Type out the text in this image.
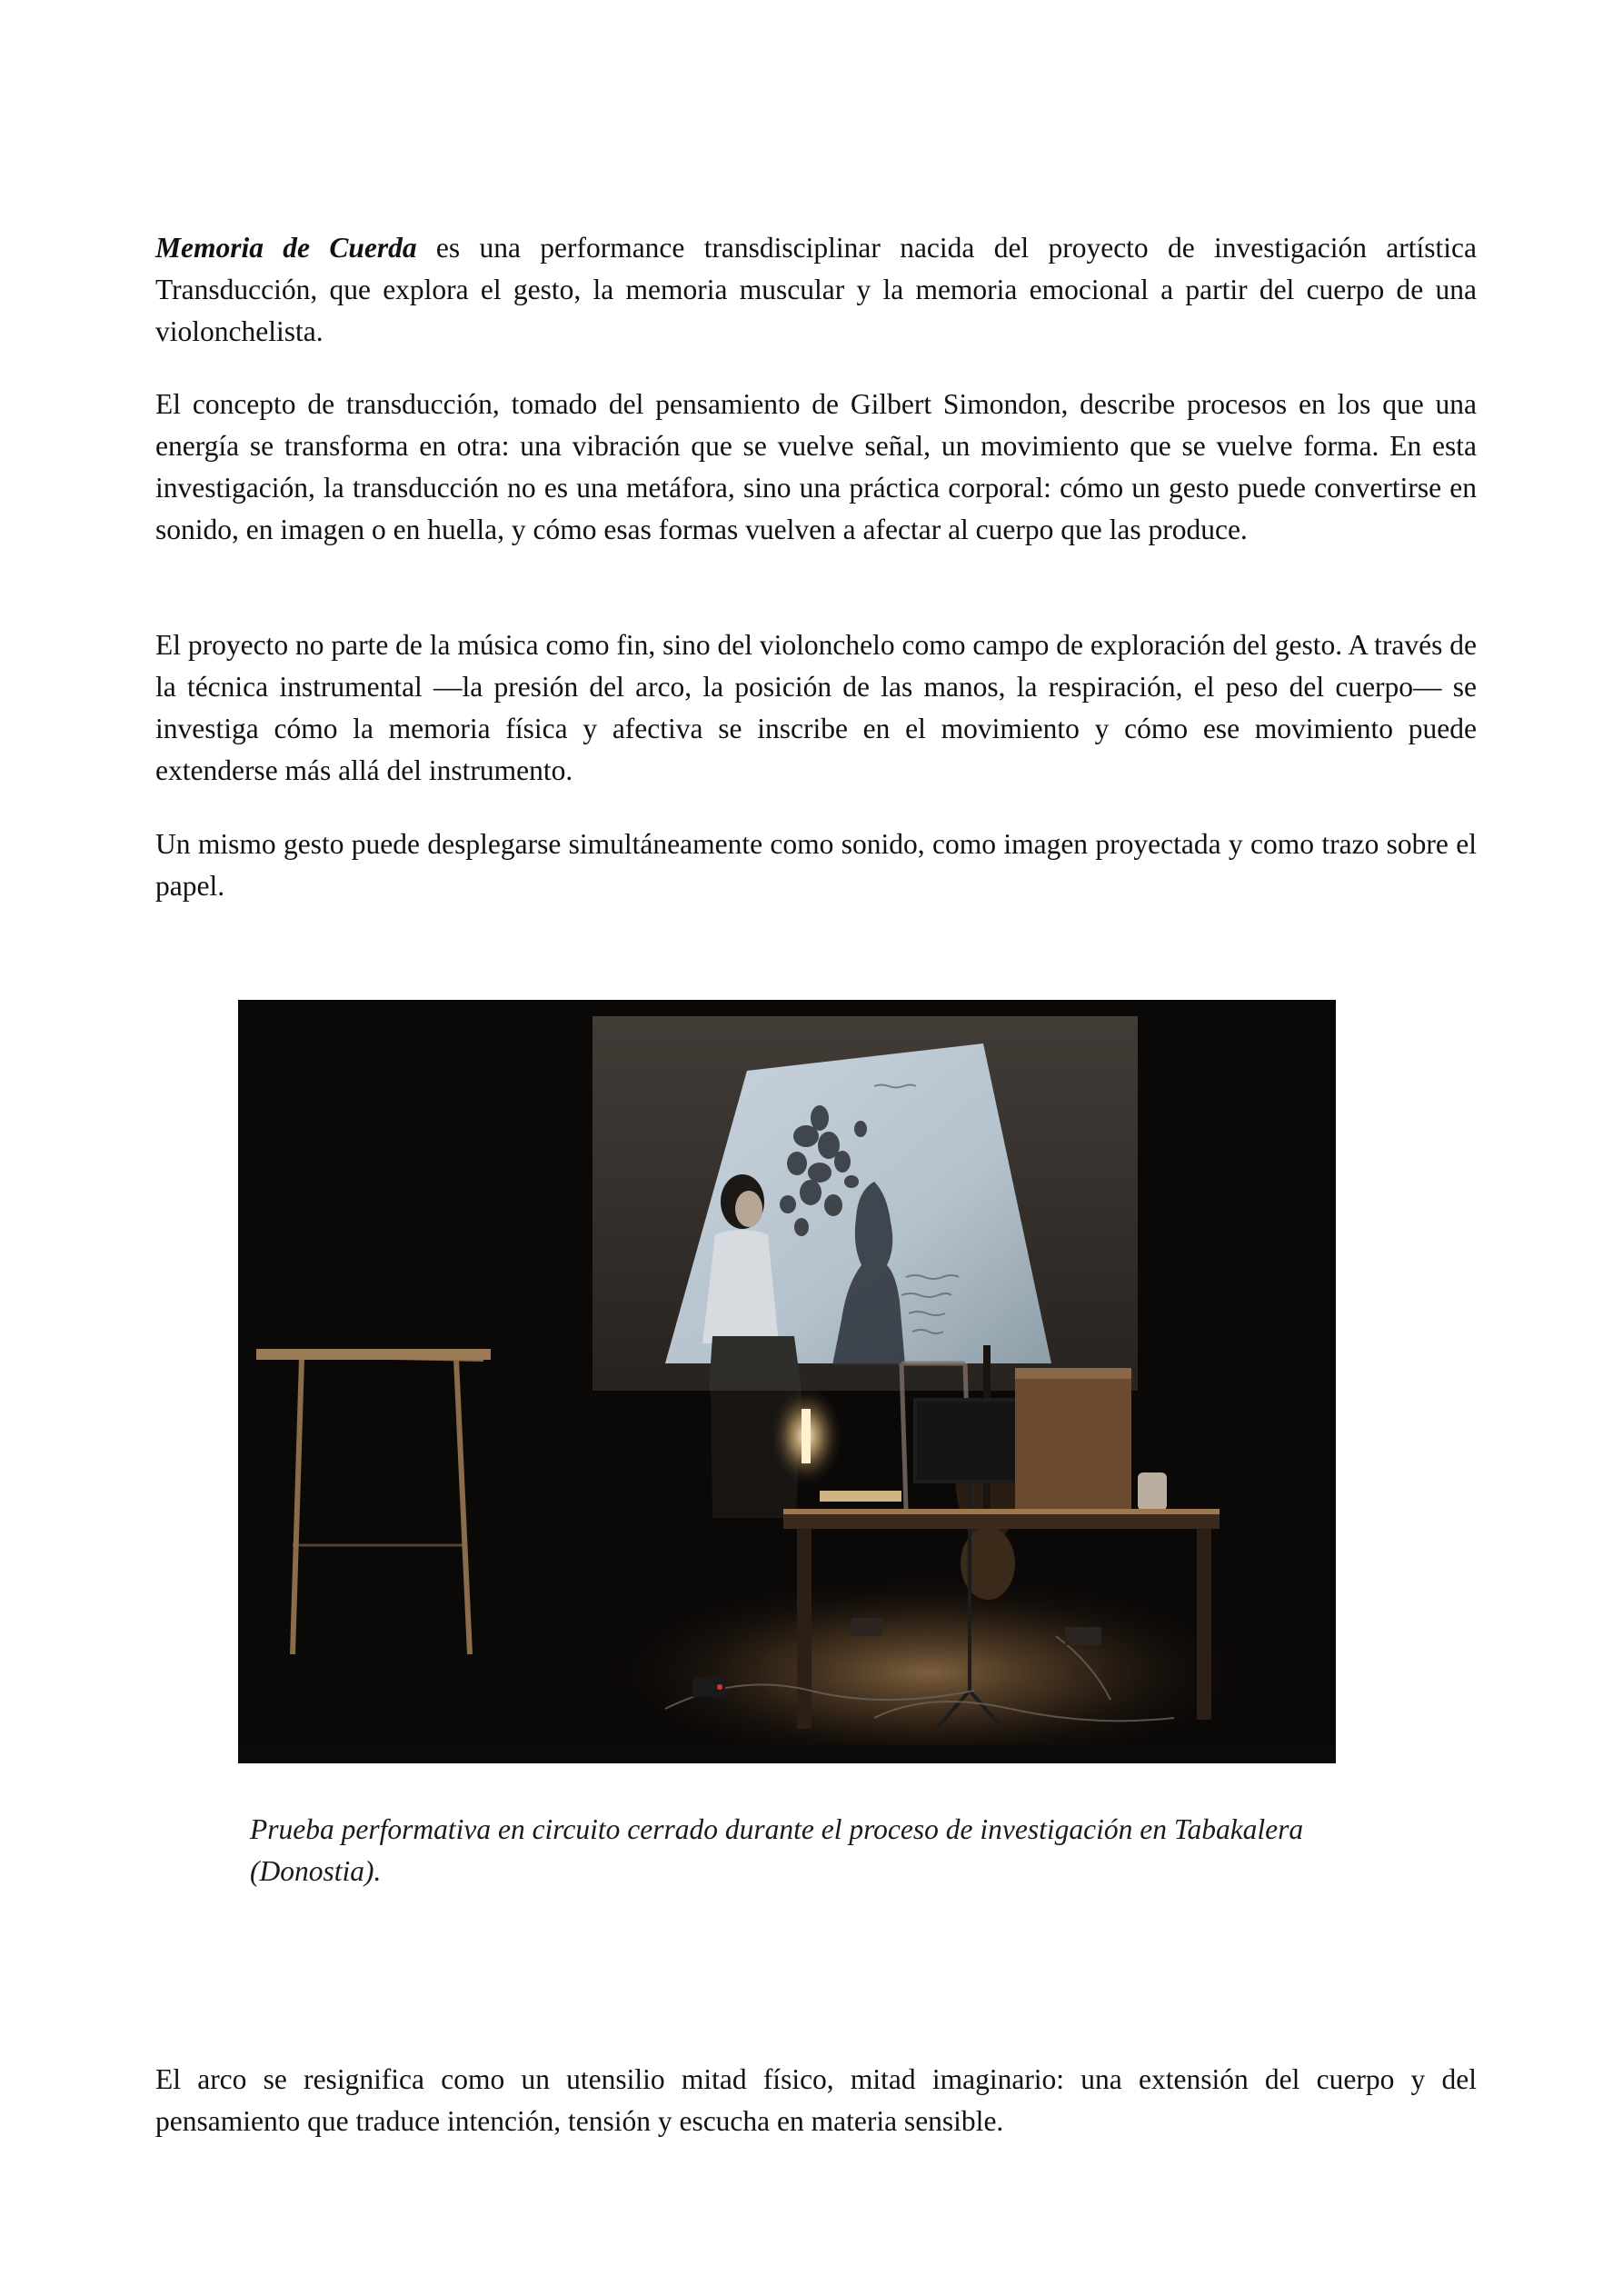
Memoria de Cuerda es una performance transdisciplinar nacida del proyecto de investigación artística Transducción, que explora el gesto, la memoria muscular y la memoria emocional a partir del cuerpo de una violonchelista.

El concepto de transducción, tomado del pensamiento de Gilbert Simondon, describe procesos en los que una energía se transforma en otra: una vibración que se vuelve señal, un movimiento que se vuelve forma. En esta investigación, la transducción no es una metáfora, sino una práctica corporal: cómo un gesto puede convertirse en sonido, en imagen o en huella, y cómo esas formas vuelven a afectar al cuerpo que las produce.

El proyecto no parte de la música como fin, sino del violonchelo como campo de exploración del gesto. A través de la técnica instrumental —la presión del arco, la posición de las manos, la respiración, el peso del cuerpo— se investiga cómo la memoria física y afectiva se inscribe en el movimiento y cómo ese movimiento puede extenderse más allá del instrumento.

Un mismo gesto puede desplegarse simultáneamente como sonido, como imagen proyectada y como trazo sobre el papel.

Prueba performativa en circuito cerrado durante el proceso de investigación en Tabakalera (Donostia).

El arco se resignifica como un utensilio mitad físico, mitad imaginario: una extensión del cuerpo y del pensamiento que traduce intención, tensión y escucha en materia sensible.
